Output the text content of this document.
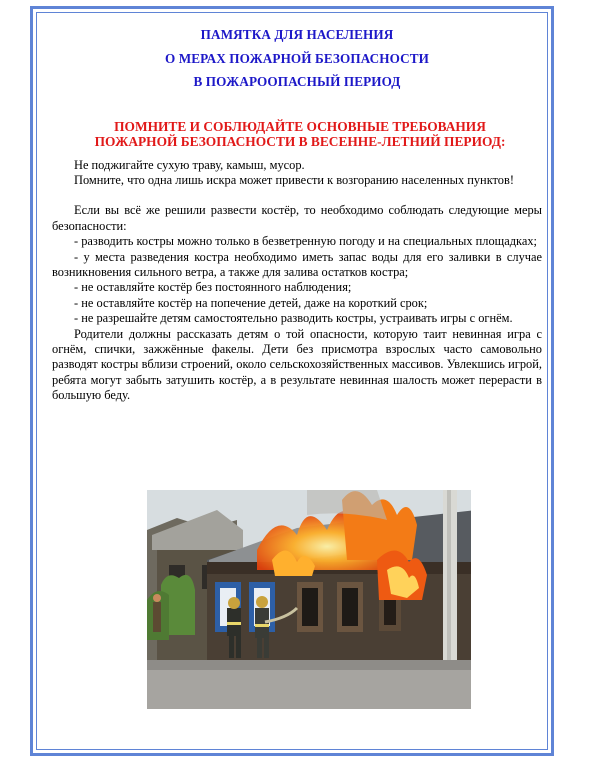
ПАМЯТКА ДЛЯ НАСЕЛЕНИЯ
О МЕРАХ ПОЖАРНОЙ БЕЗОПАСНОСТИ
В ПОЖАРООПАСНЫЙ ПЕРИОД
ПОМНИТЕ И СОБЛЮДАЙТЕ ОСНОВНЫЕ ТРЕБОВАНИЯ
ПОЖАРНОЙ БЕЗОПАСНОСТИ В ВЕСЕННЕ-ЛЕТНИЙ ПЕРИОД:

Не поджигайте сухую траву, камыш, мусор.

Помните, что одна лишь искра может привести к возгоранию населенных пунктов!

Если вы всё же решили развести костёр, то необходимо соблюдать следующие меры безопасности:

- разводить костры можно только в безветренную погоду и на специальных площадках;

- у места разведения костра необходимо иметь запас воды для его заливки в случае возникновения сильного ветра, а также для залива остатков костра;

- не оставляйте костёр без постоянного наблюдения;

- не оставляйте костёр на попечение детей, даже на короткий срок;

- не разрешайте детям самостоятельно разводить костры, устраивать игры с огнём.

Родители должны рассказать детям о той опасности, которую таит невинная игра с огнём, спички, зажжённые факелы. Дети без присмотра взрослых часто самовольно разводят костры вблизи строений, около сельскохозяйственных массивов. Увлекшись игрой, ребята могут забыть затушить костёр, а в результате невинная шалость может перерасти в большую беду.
